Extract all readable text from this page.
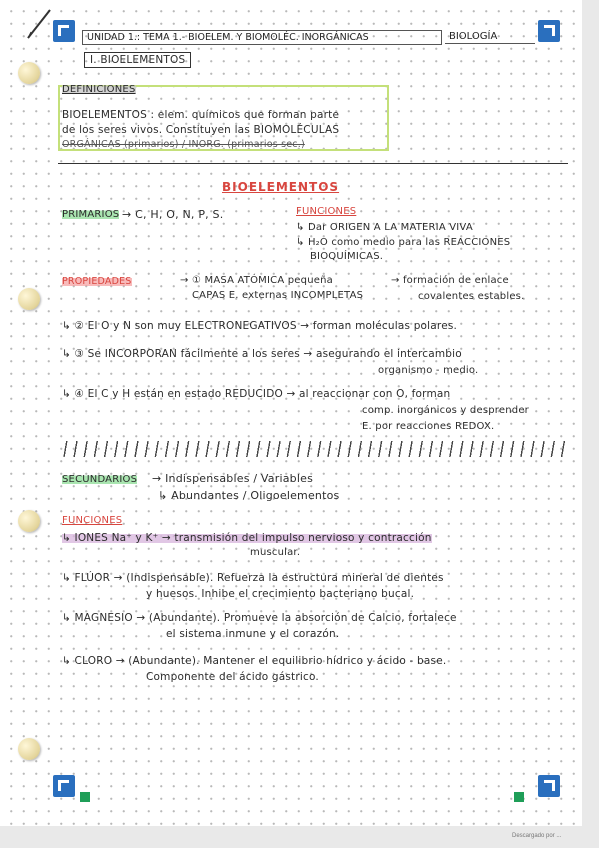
UNIDAD 1.: TEMA 1.- BIOELEM. Y BIOMOLÉC. INORGÁNICAS	BIOLOGÍA
I. BIOELEMENTOS
DEFINICIONES
BIOELEMENTOS : elem. químicos que forman parte
de los seres vivos. Constituyen las BIOMOLÉCULAS
ORGÁNICAS (primarios) / INORG. (primarios sec.)
BIOELEMENTOS
PRIMARIOS → C, H, O, N, P, S.	FUNCIONES
↳ Dar ORIGEN A LA MATERIA VIVA
↳ H₂O como medio para las REACCIONES
BIOQUÍMICAS.
PROPIEDADES	→ ① MASA ATÓMICA pequeña
CAPAS E. externas INCOMPLETAS
→ formación de enlace
covalentes estables.
↳ ② El O y N son muy ELECTRONEGATIVOS → forman moléculas polares.
↳ ③ Se INCORPORAN fácilmente a los seres → asegurando el intercambio
organismo - medio.
↳ ④ El C y H están en estado REDUCIDO → al reaccionar con O, forman
comp. inorgánicos y desprender
E. por reacciones REDOX.
SECUNDARIOS → Indispensables / Variables
↳ Abundantes / Oligoelementos
FUNCIONES
↳ IONES Na⁺ y K⁺ → transmisión del impulso nervioso y contracción
muscular.
↳ FLÚOR → (Indispensable). Refuerza la estructura mineral de dientes
y huesos. Inhibe el crecimiento bacteriano bucal.
↳ MAGNESIO → (Abundante). Promueve la absorción de Calcio, fortalece
el sistema inmune y el corazón.
↳ CLORO → (Abundante). Mantener el equilibrio hídrico y ácido - base.
Componente del ácido gástrico.
Descargado por ...
